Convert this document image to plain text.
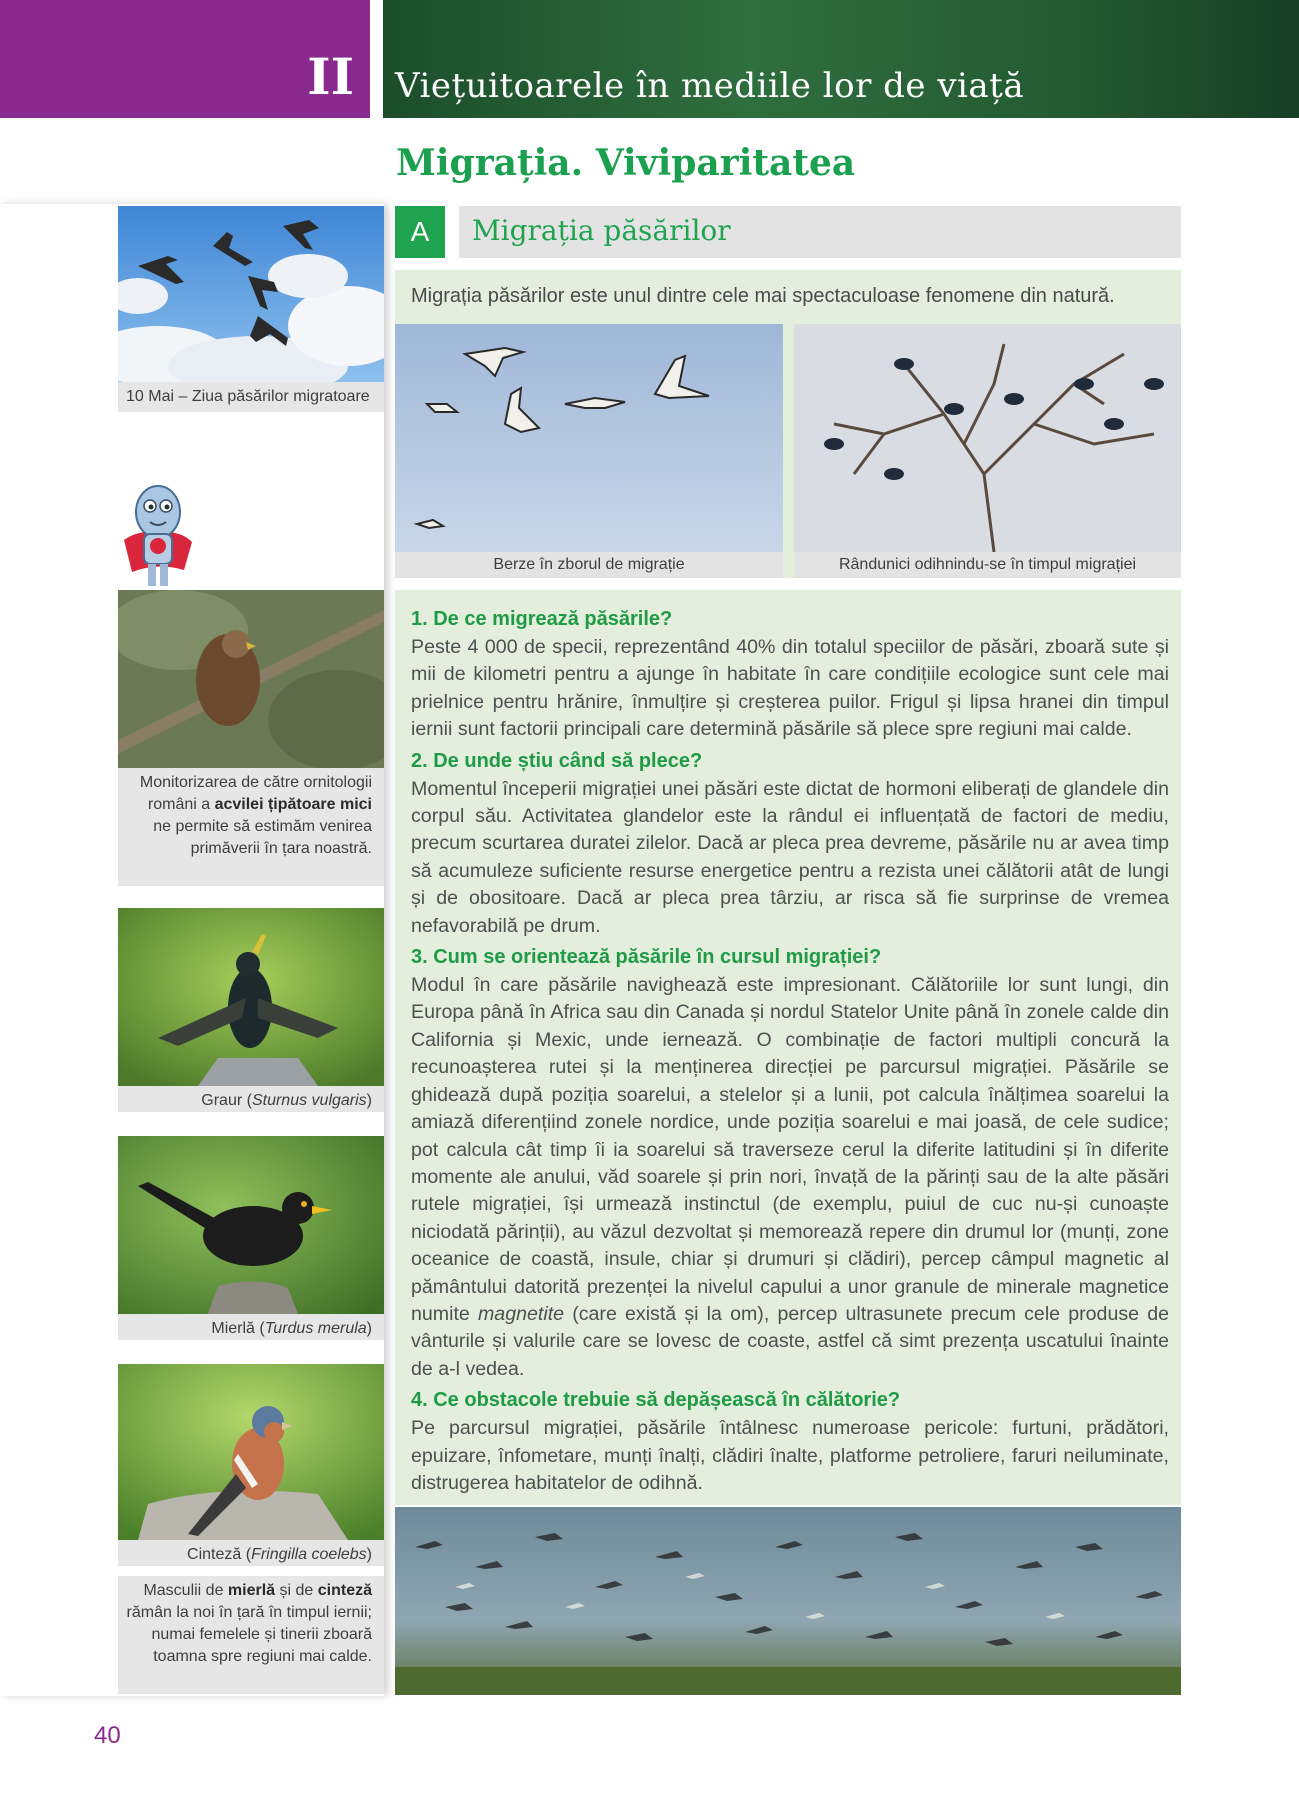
II	Viețuitoarele în mediile lor de viață
Migrația. Viviparitatea
10 Mai – Ziua păsărilor migratoare
Monitorizarea de către ornitologii români a acvilei țipătoare mici ne permite să estimăm venirea primăverii în țara noastră.
Graur (Sturnus vulgaris)
Mierlă (Turdus merula)
Cinteză (Fringilla coelebs)
Masculii de mierlă și de cinteză rămân la noi în țară în timpul iernii; numai femelele și tinerii zboară toamna spre regiuni mai calde.
A	Migrația păsărilor
Migrația păsărilor este unul dintre cele mai spectaculoase fenomene din natură.
Berze în zborul de migrație	Rândunici odihnindu-se în timpul migrației
1. De ce migrează păsările?

Peste 4 000 de specii, reprezentând 40% din totalul speciilor de păsări, zboară sute și mii de kilometri pentru a ajunge în habitate în care condițiile ecologice sunt cele mai prielnice pentru hrănire, înmulțire și creșterea puilor. Frigul și lipsa hranei din timpul iernii sunt factorii principali care determină păsările să plece spre regiuni mai calde.

2. De unde știu când să plece?

Momentul începerii migrației unei păsări este dictat de hormoni eliberați de glandele din corpul său. Activitatea glandelor este la rândul ei influențată de factori de mediu, precum scurtarea duratei zilelor. Dacă ar pleca prea devreme, păsările nu ar avea timp să acumuleze suficiente resurse energetice pentru a rezista unei călătorii atât de lungi și de obositoare. Dacă ar pleca prea târziu, ar risca să fie surprinse de vremea nefavorabilă pe drum.

3. Cum se orientează păsările în cursul migrației?

Modul în care păsările navighează este impresionant. Călătoriile lor sunt lungi, din Europa până în Africa sau din Canada și nordul Statelor Unite până în zonele calde din California și Mexic, unde iernează. O combinație de factori multipli concură la recunoașterea rutei și la menținerea direcției pe parcursul migrației. Păsările se ghidează după poziția soarelui, a stelelor și a lunii, pot calcula înălțimea soarelui la amiază diferențiind zonele nordice, unde poziția soarelui e mai joasă, de cele sudice; pot calcula cât timp îi ia soarelui să traverseze cerul la diferite latitudini și în diferite momente ale anului, văd soarele și prin nori, învață de la părinți sau de la alte păsări rutele migrației, își urmează instinctul (de exemplu, puiul de cuc nu-și cunoaște niciodată părinții), au văzul dezvoltat și memorează repere din drumul lor (munți, zone oceanice de coastă, insule, chiar și drumuri și clădiri), percep câmpul magnetic al pământului datorită prezenței la nivelul capului a unor granule de minerale magnetice numite magnetite (care există și la om), percep ultrasunete precum cele produse de vânturile și valurile care se lovesc de coaste, astfel că simt prezența uscatului înainte de a-l vedea.

4. Ce obstacole trebuie să depășească în călătorie?

Pe parcursul migrației, păsările întâlnesc numeroase pericole: furtuni, prădători, epuizare, înfometare, munți înalți, clădiri înalte, platforme petroliere, faruri neiluminate, distrugerea habitatelor de odihnă.

40
